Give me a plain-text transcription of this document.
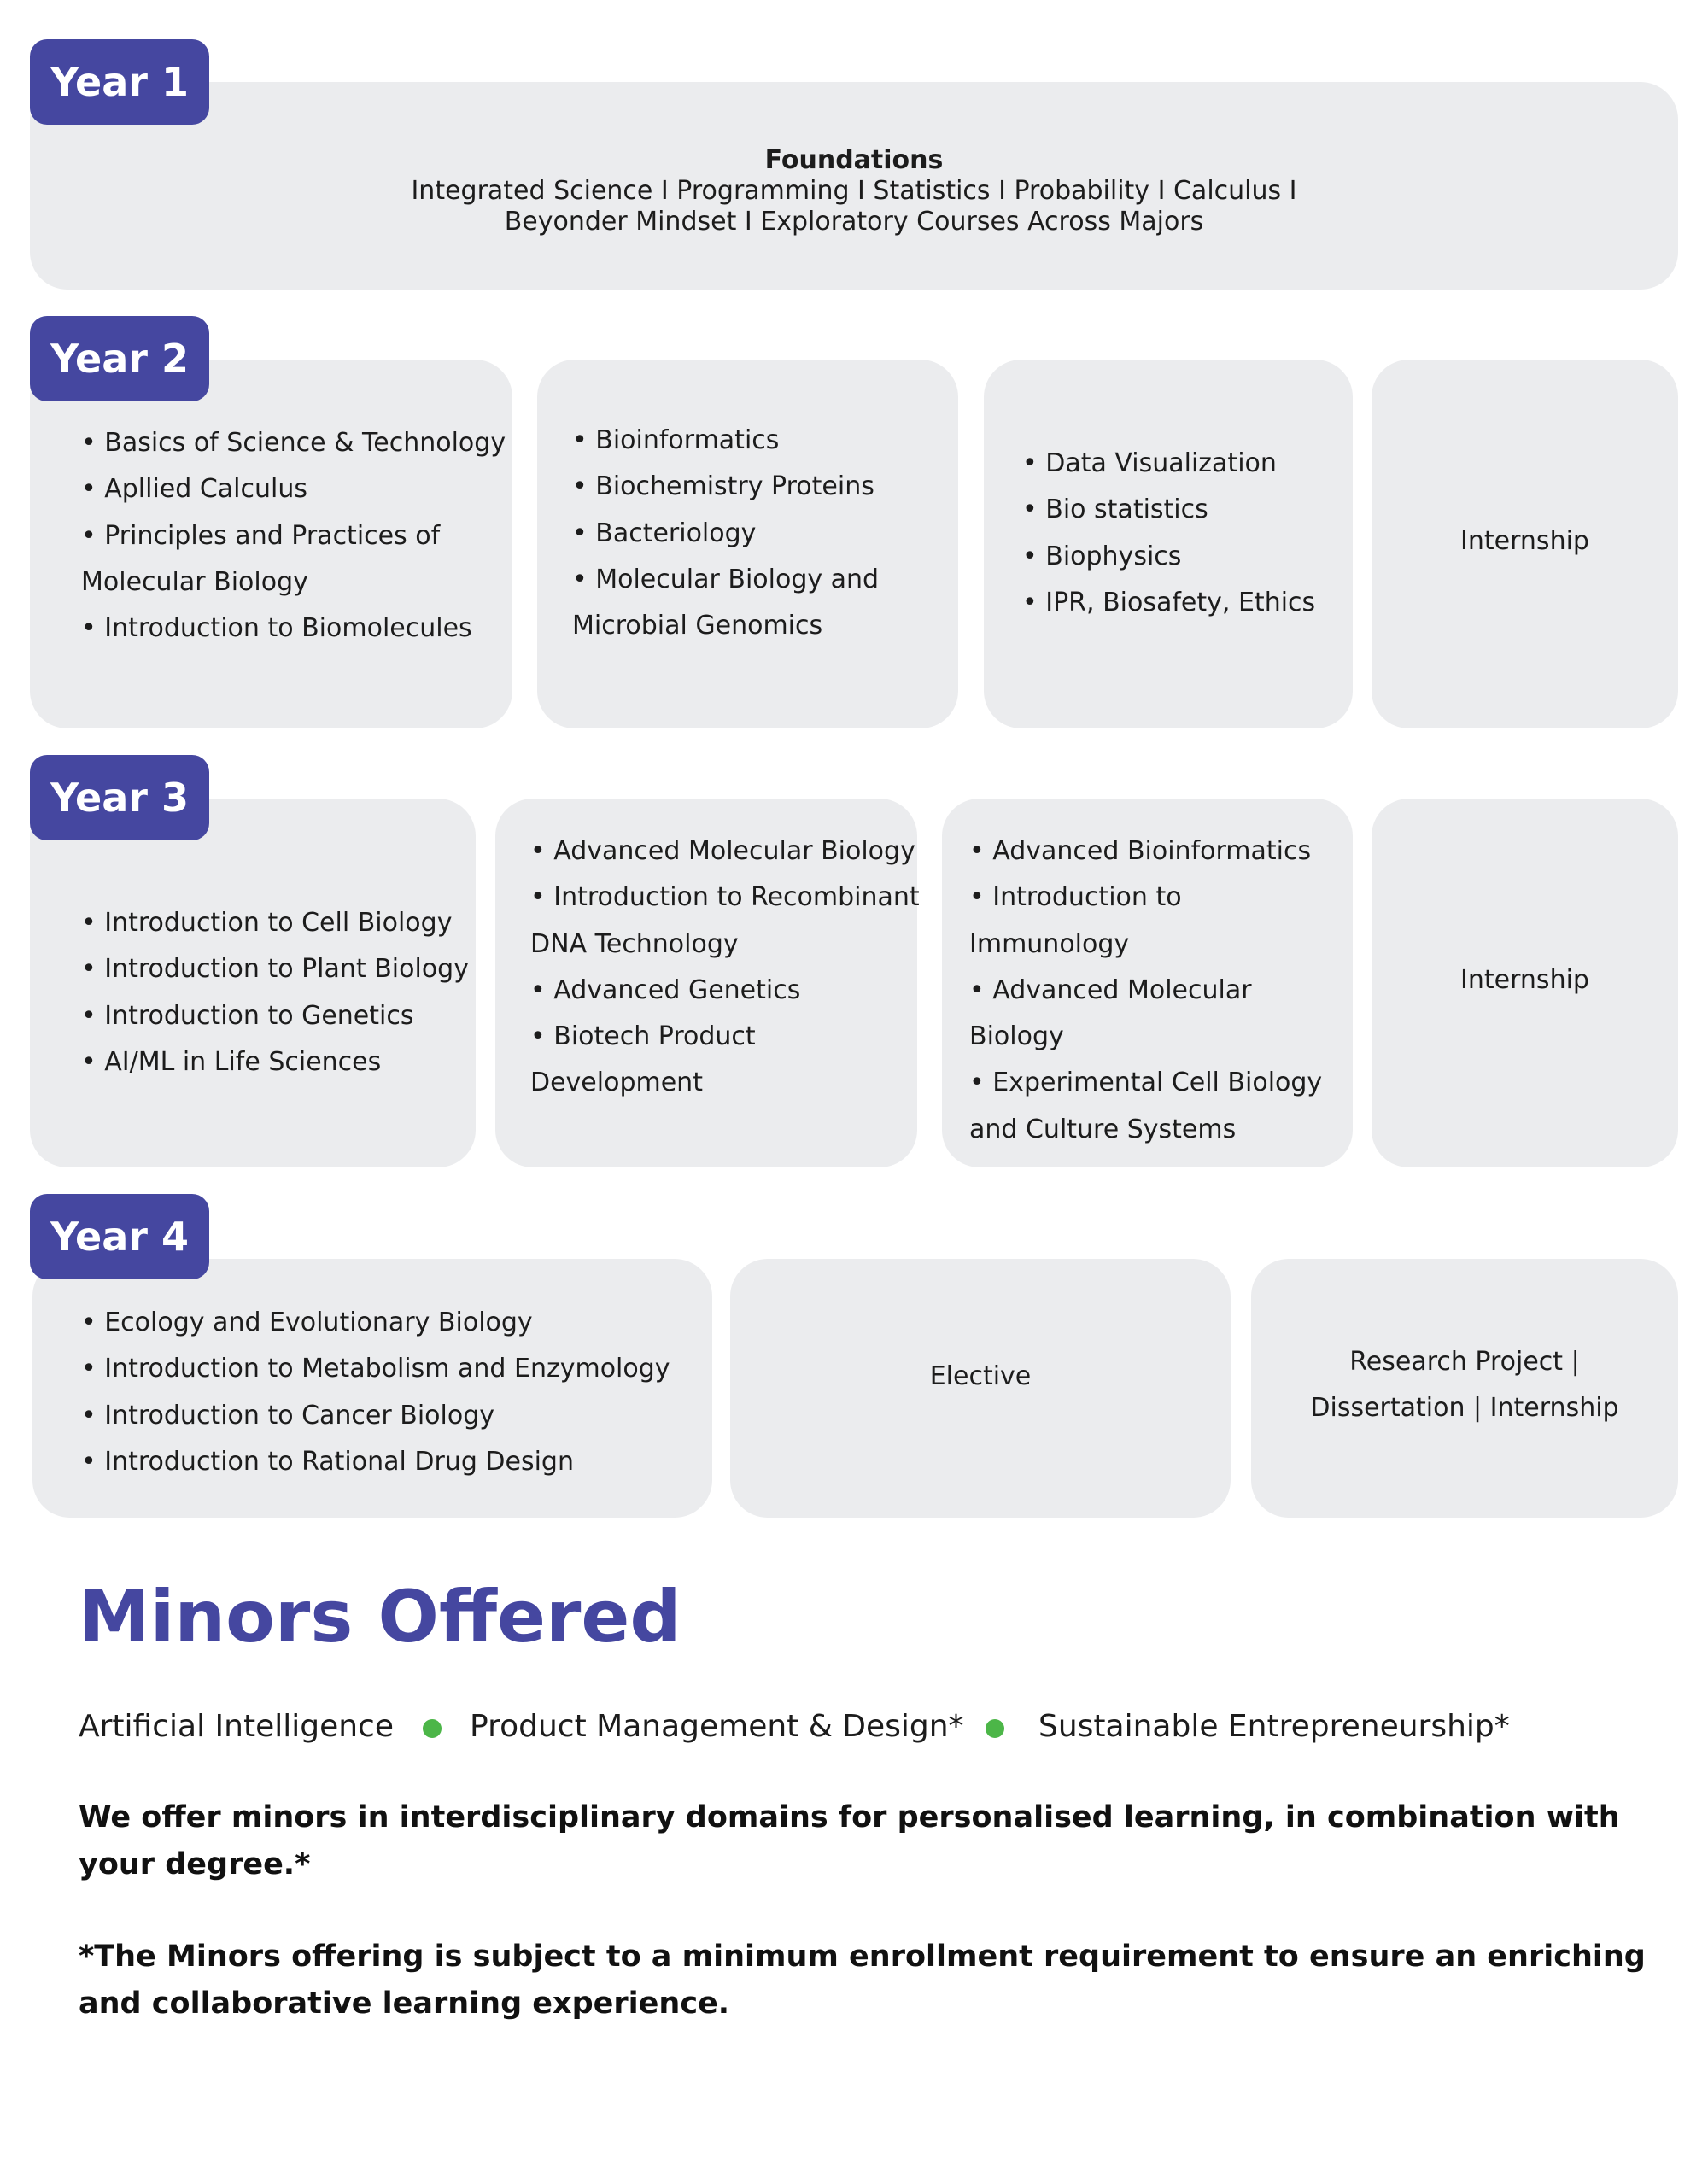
Year 1
Foundations
Integrated Science I Programming I Statistics I Probability I Calculus I
Beyonder Mindset I Exploratory Courses Across Majors
Year 2
• Basics of Science & Technology
• Apllied Calculus
• Principles and Practices of
Molecular Biology
• Introduction to Biomolecules
• Bioinformatics
• Biochemistry Proteins
• Bacteriology
• Molecular Biology and
Microbial Genomics
• Data Visualization
• Bio statistics
• Biophysics
• IPR, Biosafety, Ethics
Internship
Year 3
• Introduction to Cell Biology
• Introduction to Plant Biology
• Introduction to Genetics
• AI/ML in Life Sciences
• Advanced Molecular Biology
• Introduction to Recombinant
DNA Technology
• Advanced Genetics
• Biotech Product
Development
• Advanced Bioinformatics
• Introduction to
Immunology
• Advanced Molecular
Biology
• Experimental Cell Biology
and Culture Systems
Internship
Year 4
• Ecology and Evolutionary Biology
• Introduction to Metabolism and Enzymology
• Introduction to Cancer Biology
• Introduction to Rational Drug Design
Elective	Research Project |
Dissertation | Internship
Minors Offered
Artificial Intelligence Product Management & Design* Sustainable Entrepreneurship*
We offer minors in interdisciplinary domains for personalised learning, in combination with your degree.*
*The Minors offering is subject to a minimum enrollment requirement to ensure an enriching and collaborative learning experience.
